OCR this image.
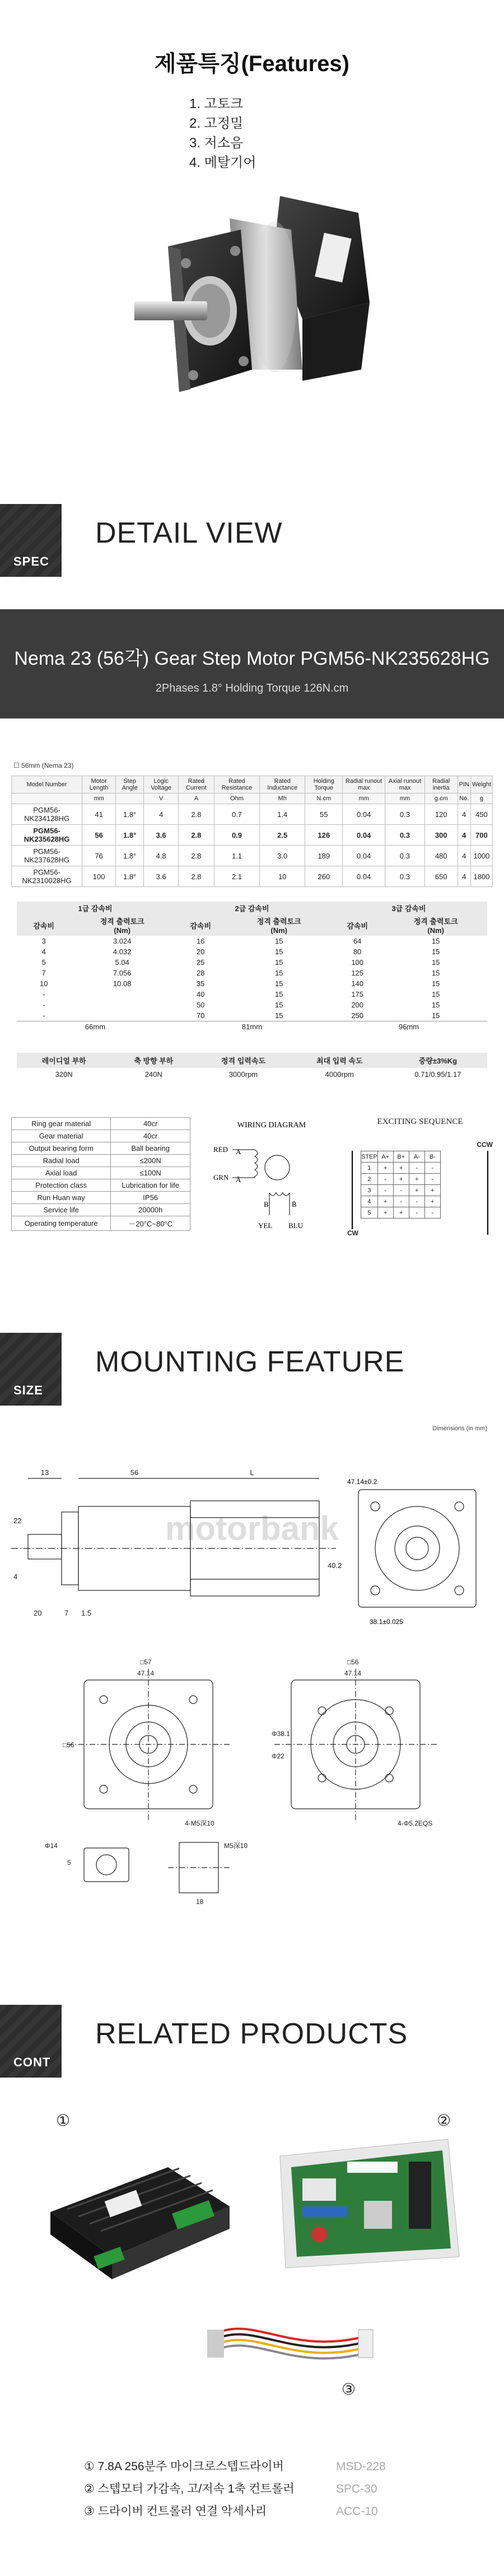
제품특징(Features)
1. 고토크
2. 고정밀
3. 저소음
4. 메탈기어
SPEC
DETAIL VIEW
Nema 23 (56각) Gear Step Motor PGM56-NK235628HG
2Phases 1.8° Holding Torque 126N.cm
☐ 56mm (Nema 23)
Model Number	Motor Length	Step Angle	Logic Voltage	Rated Current	Rated Resistance	Rated Inductance	Holding Torque	Radial runout max	Axial runout max	Radial inertia	PIN	Weight
	mm		V	A	Ohm	Mh	N.cm	mm	mm	g.cm	No.	g
PGM56-NK234128HG	41	1.8°	4	2.8	0.7	1.4	55	0.04	0.3	120	4	450
PGM56-NK235628HG	56	1.8°	3.6	2.8	0.9	2.5	126	0.04	0.3	300	4	700
PGM56-NK237628HG	76	1.8°	4.8	2.8	1.1	3.0	189	0.04	0.3	480	4	1000
PGM56-NK2310028HG	100	1.8°	3.6	2.8	2.1	10	260	0.04	0.3	650	4	1800
1급 감속비		2급 감속비		3급 감속비	
감속비	정격 출력토크
(Nm)	감속비	정격 출력토크
(Nm)	감속비	정격 출력토크
(Nm)
3	3.024	16	15	64	15
4	4.032	20	15	80	15
5	5.04	25	15	100	15
7	7.056	28	15	125	15
10	10.08	35	15	140	15
-		40	15	175	15
-		50	15	200	15
-		70	15	250	15
66mm		81mm		96mm	
레이디얼 부하	축 방향 부하	정격 입력속도	최대 입력 속도	중량±3%Kg
320N	240N	3000rpm	4000rpm	0.71/0.95/1.17
Ring gear material	40cr
Gear material	40cr
Output bearing form	Ball bearing
Radial load	≤200N
Axial load	≤100N
Protection class	Lubrication for life
Run Huan way	IP56
Service life	20000h
Operating temperature	－20°C~80°C
WIRING DIAGRAM
RED
GRN
A
Ā
B	B̄
YEL BLU
EXCITING SEQUENCE
CCW
CW
STEP	A+	B+	A-	B-
1	+	+	-	-
2	-	+	+	-
3	-	-	+	+
4	+	-	-	+
5	+	+	-	-
SIZE
MOUNTING FEATURE
Dimensions (in mm)
motorbank
56	L
13
22
20	7 1.5
4
40.2
38.1±0.025
47.14±0.2
□57
47.14
□56
4-M5深10
□56
47.14
4-Φ5.2EQS
Φ38.1
Φ22
Φ14
5
18
M5深10
CONT
RELATED PRODUCTS
①	②
③
① 7.8A 256분주 마이크로스텝드라이버	MSD-228
② 스텝모터 가감속, 고/저속 1축 컨트롤러	SPC-30
③ 드라이버 컨트롤러 연결 악세사리	ACC-10
